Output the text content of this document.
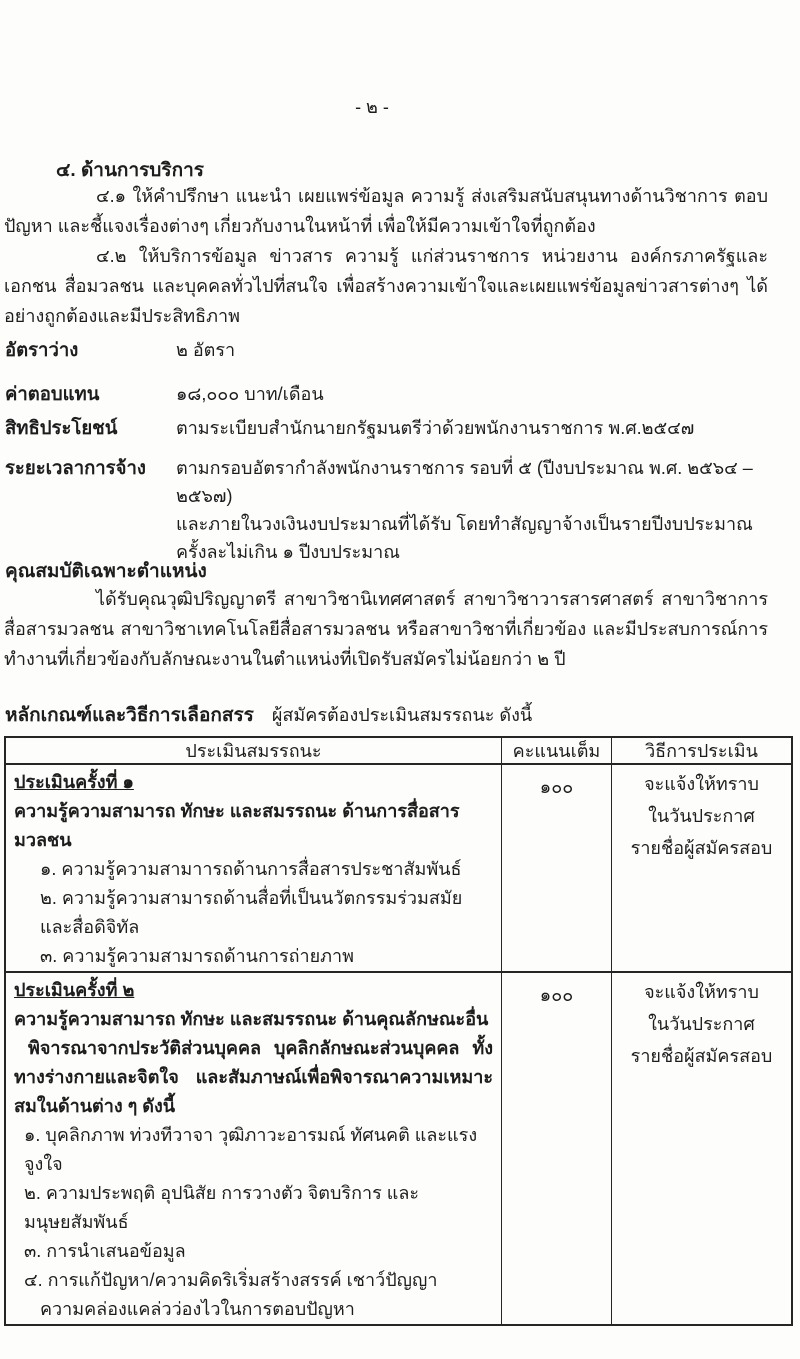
- ๒ -
๔. ด้านการบริการ

๔.๑ ให้คำปรึกษา แนะนำ เผยแพร่ข้อมูล ความรู้ ส่งเสริมสนับสนุนทางด้านวิชาการ ตอบปัญหา และชี้แจงเรื่องต่างๆ เกี่ยวกับงานในหน้าที่ เพื่อให้มีความเข้าใจที่ถูกต้อง

๔.๒ ให้บริการข้อมูล ข่าวสาร ความรู้ แก่ส่วนราชการ หน่วยงาน องค์กรภาครัฐและเอกชน สื่อมวลชน และบุคคลทั่วไปที่สนใจ เพื่อสร้างความเข้าใจและเผยแพร่ข้อมูลข่าวสารต่างๆ ได้อย่างถูกต้องและมีประสิทธิภาพ

อัตราว่าง	๒ อัตรา
ค่าตอบแทน	๑๘,๐๐๐ บาท/เดือน
สิทธิประโยชน์	ตามระเบียบสำนักนายกรัฐมนตรีว่าด้วยพนักงานราชการ พ.ศ.๒๕๔๗
ระยะเวลาการจ้าง ตามกรอบอัตรากำลังพนักงานราชการ รอบที่ ๕ (ปีงบประมาณ พ.ศ. ๒๕๖๔ – ๒๕๖๗)
และภายในวงเงินงบประมาณที่ได้รับ โดยทำสัญญาจ้างเป็นรายปีงบประมาณ
ครั้งละไม่เกิน ๑ ปีงบประมาณ
คุณสมบัติเฉพาะตำแหน่ง

ได้รับคุณวุฒิปริญญาตรี สาขาวิชานิเทศศาสตร์ สาขาวิชาวารสารศาสตร์ สาขาวิชาการสื่อสารมวลชน สาขาวิชาเทคโนโลยีสื่อสารมวลชน หรือสาขาวิชาที่เกี่ยวข้อง และมีประสบการณ์การทำงานที่เกี่ยวข้องกับลักษณะงานในตำแหน่งที่เปิดรับสมัครไม่น้อยกว่า ๒ ปี

หลักเกณฑ์และวิธีการเลือกสรร ผู้สมัครต้องประเมินสมรรถนะ ดังนี้
ประเมินสมรรถนะ	คะแนนเต็ม	วิธีการประเมิน
ประเมินครั้งที่ ๑
ความรู้ความสามารถ ทักษะ และสมรรถนะ ด้านการสื่อสารมวลชน
๑. ความรู้ความสามาารถด้านการสื่อสารประชาสัมพันธ์
๒. ความรู้ความสามารถด้านสื่อที่เป็นนวัตกรรมร่วมสมัยและสื่อดิจิทัล
๓. ความรู้ความสามารถด้านการถ่ายภาพ
๑๐๐	จะแจ้งให้ทราบ
ในวันประกาศ
รายชื่อผู้สมัครสอบ
ประเมินครั้งที่ ๒
ความรู้ความสามารถ ทักษะ และสมรรถนะ ด้านคุณลักษณะอื่น
พิจารณาจากประวัติส่วนบุคคล บุคลิกลักษณะส่วนบุคคล ทั้งทางร่างกายและจิตใจ และสัมภาษณ์เพื่อพิจารณาความเหมาะสมในด้านต่าง ๆ ดังนี้
๑. บุคลิกภาพ ท่วงทีวาจา วุฒิภาวะอารมณ์ ทัศนคติ และแรงจูงใจ
๒. ความประพฤติ อุปนิสัย การวางตัว จิตบริการ และมนุษยสัมพันธ์
๓. การนำเสนอข้อมูล
๔. การแก้ปัญหา/ความคิดริเริ่มสร้างสรรค์ เชาว์ปัญญา
ความคล่องแคล่วว่องไวในการตอบปัญหา
๑๐๐	จะแจ้งให้ทราบ
ในวันประกาศ
รายชื่อผู้สมัครสอบ
